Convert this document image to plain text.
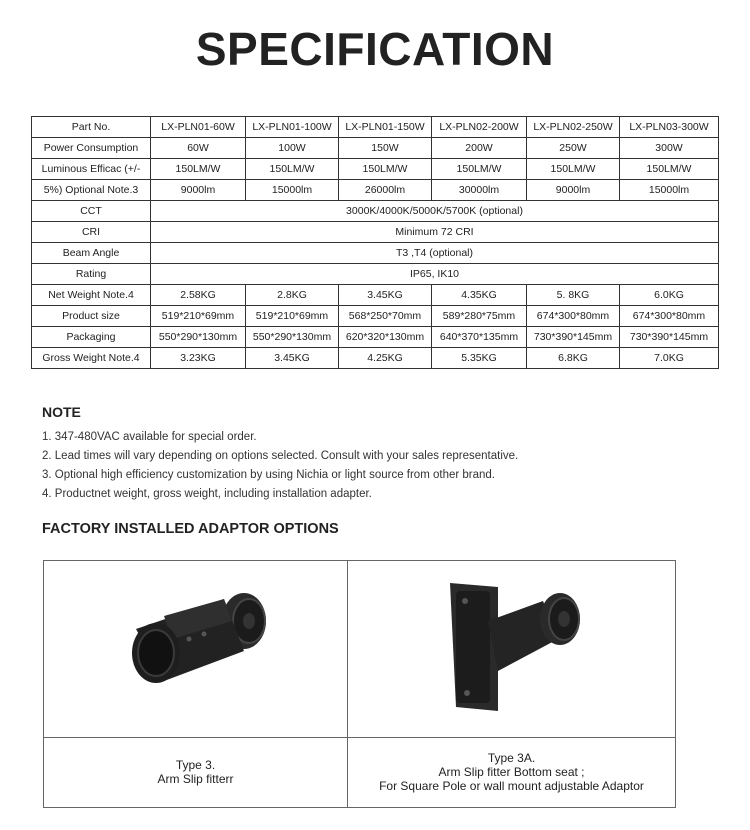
SPECIFICATION
Part No.	LX-PLN01-60W	LX-PLN01-100W	LX-PLN01-150W	LX-PLN02-200W	LX-PLN02-250W	LX-PLN03-300W
Power Consumption	60W	100W	150W	200W	250W	300W
Luminous Efficac (+/-	150LM/W	150LM/W	150LM/W	150LM/W	150LM/W	150LM/W
5%) Optional Note.3	9000lm	15000lm	26000lm	30000lm	9000lm	15000lm
CCT	3000K/4000K/5000K/5700K (optional)					
CRI	Minimum 72 CRI					
Beam Angle	T3 ,T4 (optional)					
Rating	IP65, IK10					
Net Weight Note.4	2.58KG	2.8KG	3.45KG	4.35KG	5. 8KG	6.0KG
Product size	519*210*69mm	519*210*69mm	568*250*70mm	589*280*75mm	674*300*80mm	674*300*80mm
Packaging	550*290*130mm	550*290*130mm	620*320*130mm	640*370*135mm	730*390*145mm	730*390*145mm
Gross Weight Note.4	3.23KG	3.45KG	4.25KG	5.35KG	6.8KG	7.0KG
NOTE
1. 347-480VAC available for special order.
2. Lead times will vary depending on options selected. Consult with your sales representative.
3. Optional high efficiency customization by using Nichia or light source from other brand.
4. Productnet weight, gross weight, including installation adapter.
FACTORY INSTALLED ADAPTOR OPTIONS
Type 3.
Arm Slip fitterr
Type 3A.
Arm Slip fitter Bottom seat ;
For Square Pole or wall mount adjustable Adaptor
